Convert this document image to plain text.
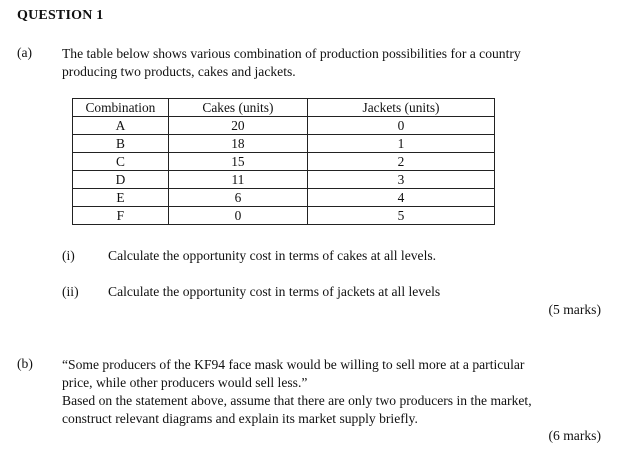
QUESTION 1
(a) The table below shows various combination of production possibilities for a country
producing two products, cakes and jackets.
Combination	Cakes (units)	Jackets (units)
A	20	0
B	18	1
C	15	2
D	11	3
E	6	4
F	0	5
(i) Calculate the opportunity cost in terms of cakes at all levels.
(ii) Calculate the opportunity cost in terms of jackets at all levels
(5 marks)
(b) “Some producers of the KF94 face mask would be willing to sell more at a particular
price, while other producers would sell less.”
Based on the statement above, assume that there are only two producers in the market,
construct relevant diagrams and explain its market supply briefly.
(6 marks)
